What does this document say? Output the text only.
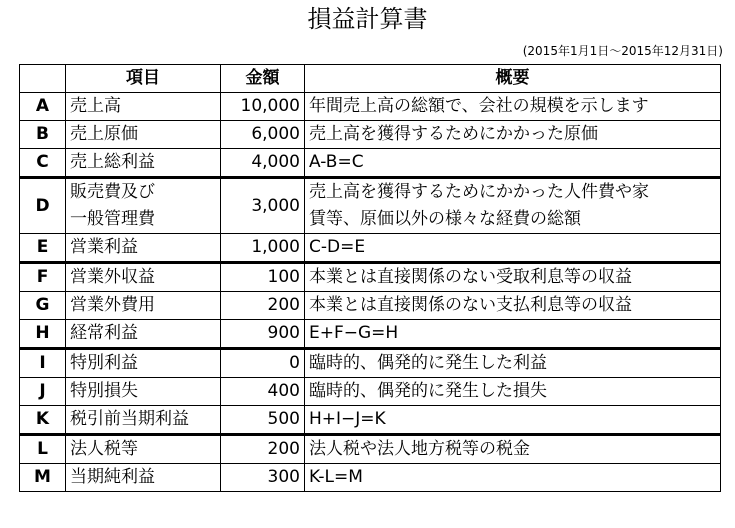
損益計算書
(2015年1月1日〜2015年12月31日)
	項目	金額	概要
A	売上高	10,000	年間売上高の総額で、会社の規模を示します

B	売上原価	6,000	売上高を獲得するためにかかった原価

C	売上総利益	4,000	A-B=C

D	販売費及び
一般管理費	3,000	売上高を獲得するためにかかった人件費や家
賃等、原価以外の様々な経費の総額

E	営業利益	1,000	C-D=E

F	営業外収益	100	本業とは直接関係のない受取利息等の収益

G	営業外費用	200	本業とは直接関係のない支払利息等の収益

H	経常利益	900	E+F−G=H

I	特別利益	0	臨時的、偶発的に発生した利益

J	特別損失	400	臨時的、偶発的に発生した損失

K	税引前当期利益	500	H+I−J=K

L	法人税等	200	法人税や法人地方税等の税金

M	当期純利益	300	K-L=M
